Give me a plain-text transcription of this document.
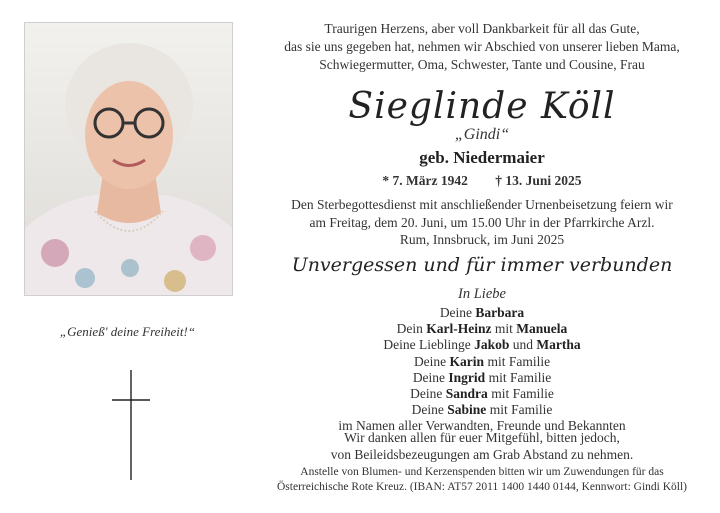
„Genieß' deine Freiheit!“
Traurigen Herzens, aber voll Dankbarkeit für all das Gute,
das sie uns gegeben hat, nehmen wir Abschied von unserer lieben Mama,
Schwiegermutter, Oma, Schwester, Tante und Cousine, Frau
Sieglinde Köll
„Gindi“
geb. Niedermaier
* 7. März 1942 † 13. Juni 2025
Den Sterbegottesdienst mit anschließender Urnenbeisetzung feiern wir
am Freitag, dem 20. Juni, um 15.00 Uhr in der Pfarrkirche Arzl.
Rum, Innsbruck, im Juni 2025
Unvergessen und für immer verbunden
In Liebe
Deine Barbara
Dein Karl-Heinz mit Manuela
Deine Lieblinge Jakob und Martha
Deine Karin mit Familie
Deine Ingrid mit Familie
Deine Sandra mit Familie
Deine Sabine mit Familie
im Namen aller Verwandten, Freunde und Bekannten
Wir danken allen für euer Mitgefühl, bitten jedoch,
von Beileidsbezeugungen am Grab Abstand zu nehmen.
Anstelle von Blumen- und Kerzenspenden bitten wir um Zuwendungen für das
Österreichische Rote Kreuz. (IBAN: AT57 2011 1400 1440 0144, Kennwort: Gindi Köll)
